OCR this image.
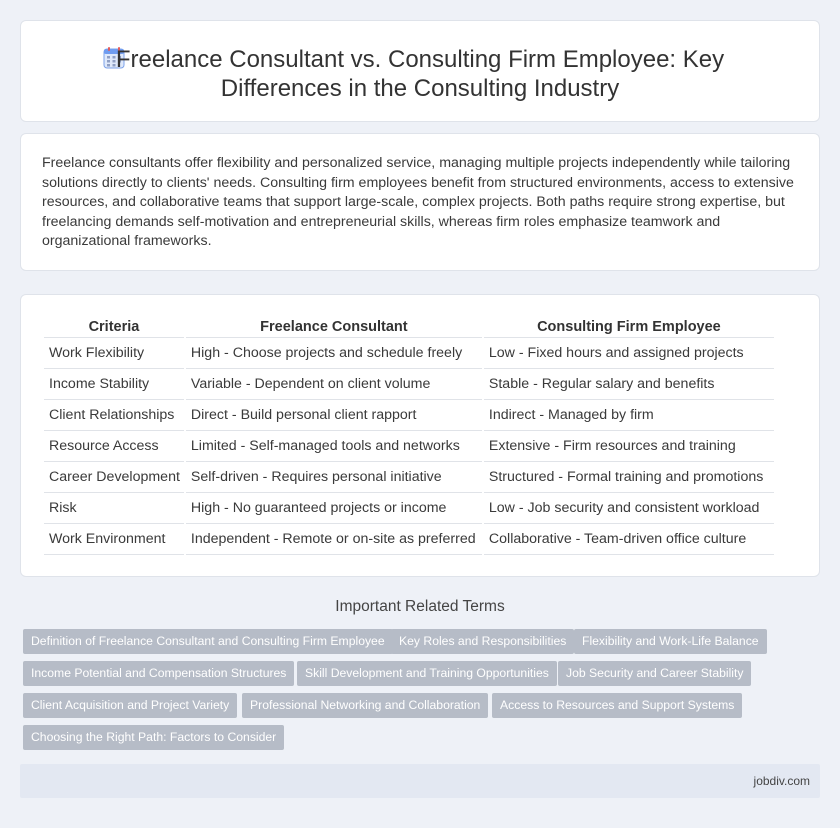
Freelance Consultant vs. Consulting Firm Employee: Key Differences in the Consulting Industry

Freelance consultants offer flexibility and personalized service, managing multiple projects independently while tailoring solutions directly to clients' needs. Consulting firm employees benefit from structured environments, access to extensive resources, and collaborative teams that support large-scale, complex projects. Both paths require strong expertise, but freelancing demands self-motivation and entrepreneurial skills, whereas firm roles emphasize teamwork and organizational frameworks.

Criteria	Freelance Consultant	Consulting Firm Employee
Work Flexibility	High - Choose projects and schedule freely	Low - Fixed hours and assigned projects
Income Stability	Variable - Dependent on client volume	Stable - Regular salary and benefits
Client Relationships	Direct - Build personal client rapport	Indirect - Managed by firm
Resource Access	Limited - Self-managed tools and networks	Extensive - Firm resources and training
Career Development	Self-driven - Requires personal initiative	Structured - Formal training and promotions
Risk	High - No guaranteed projects or income	Low - Job security and consistent workload
Work Environment	Independent - Remote or on-site as preferred	Collaborative - Team-driven office culture
Important Related Terms
Definition of Freelance Consultant and Consulting Firm Employee	Key Roles and Responsibilities	Flexibility and Work-Life Balance
Income Potential and Compensation Structures	Skill Development and Training Opportunities	Job Security and Career Stability
Client Acquisition and Project Variety	Professional Networking and Collaboration	Access to Resources and Support Systems
Choosing the Right Path: Factors to Consider
jobdiv.com
